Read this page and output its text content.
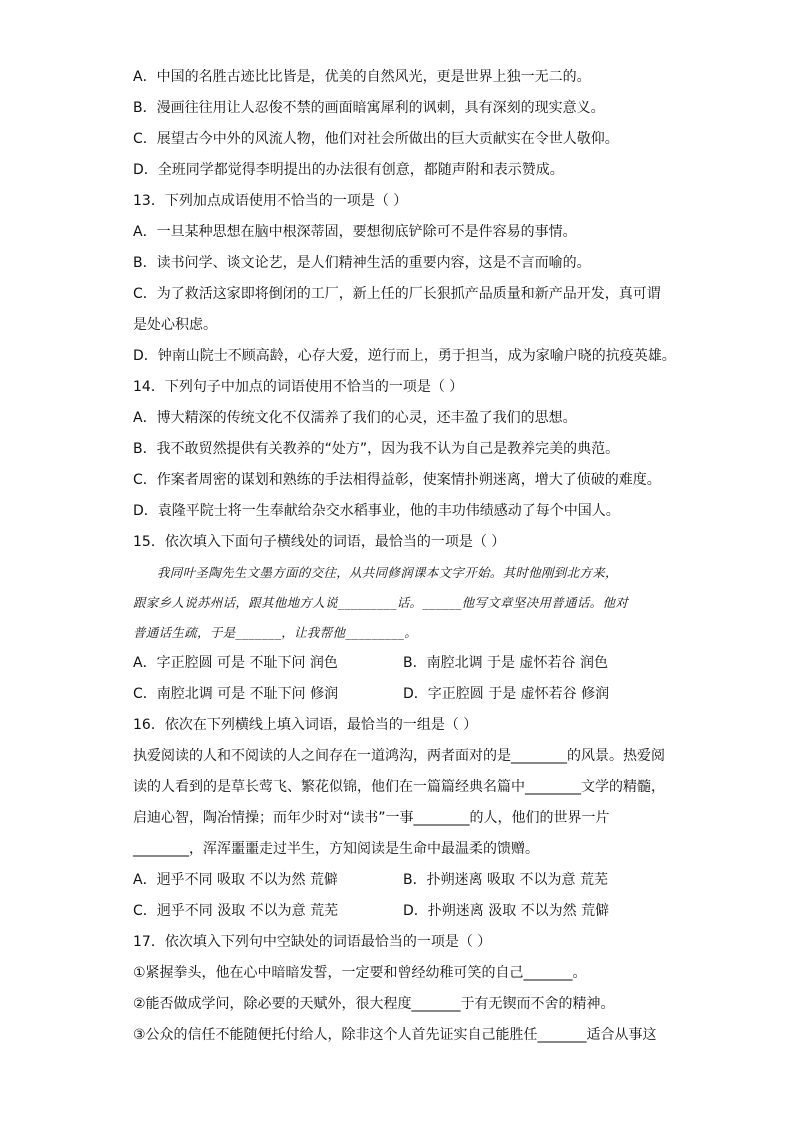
A．中国的名胜古迹比比皆是，优美的自然风光，更是世界上独一无二的。
B．漫画往往用让人忍俊不禁的画面暗寓犀利的讽刺，具有深刻的现实意义。
C．展望古今中外的风流人物，他们对社会所做出的巨大贡献实在令世人敬仰。
D．全班同学都觉得李明提出的办法很有创意，都随声附和表示赞成。
13．下列加点成语使用不恰当的一项是（ ）
A．一旦某种思想在脑中根深蒂固，要想彻底铲除可不是件容易的事情。
B．读书问学、谈文论艺，是人们精神生活的重要内容，这是不言而喻的。
C．为了救活这家即将倒闭的工厂，新上任的厂长狠抓产品质量和新产品开发，真可谓
是处心积虑。
D．钟南山院士不顾高龄，心存大爱，逆行而上，勇于担当，成为家喻户晓的抗疫英雄。
14．下列句子中加点的词语使用不恰当的一项是（ ）
A．博大精深的传统文化不仅濡养了我们的心灵，还丰盈了我们的思想。
B．我不敢贸然提供有关教养的“处方”，因为我不认为自己是教养完美的典范。
C．作案者周密的谋划和熟练的手法相得益彰，使案情扑朔迷离，增大了侦破的难度。
D．袁隆平院士将一生奉献给杂交水稻事业，他的丰功伟绩感动了每个中国人。
15．依次填入下面句子横线处的词语，最恰当的一项是（ ）
我同叶圣陶先生文墨方面的交往，从共同修润课本文字开始。其时他刚到北方来，
跟家乡人说苏州话，跟其他地方人说_________话。______他写文章坚决用普通话。他对
普通话生疏，于是_______，让我帮他_________。
A．字正腔圆 可是 不耻下问 润色	B．南腔北调 于是 虚怀若谷 润色
C．南腔北调 可是 不耻下问 修润	D．字正腔圆 于是 虚怀若谷 修润
16．依次在下列横线上填入词语，最恰当的一组是（ ）
执爱阅读的人和不阅读的人之间存在一道鸿沟，两者面对的是________的风景。热爱阅
读的人看到的是草长莺飞、繁花似锦，他们在一篇篇经典名篇中________文学的精髓，
启迪心智，陶冶情操；而年少时对“读书”一事________的人，他们的世界一片
________，浑浑噩噩走过半生，方知阅读是生命中最温柔的馈赠。
A．迥乎不同 吸取 不以为然 荒僻	B．扑朔迷离 吸取 不以为意 荒芜
C．迥乎不同 汲取 不以为意 荒芜	D．扑朔迷离 汲取 不以为然 荒僻
17．依次填入下列句中空缺处的词语最恰当的一项是（ ）
①紧握拳头，他在心中暗暗发誓，一定要和曾经幼稚可笑的自己_______。
②能否做成学问，除必要的天赋外，很大程度_______于有无锲而不舍的精神。
③公众的信任不能随便托付给人，除非这个人首先证实自己能胜任_______适合从事这
